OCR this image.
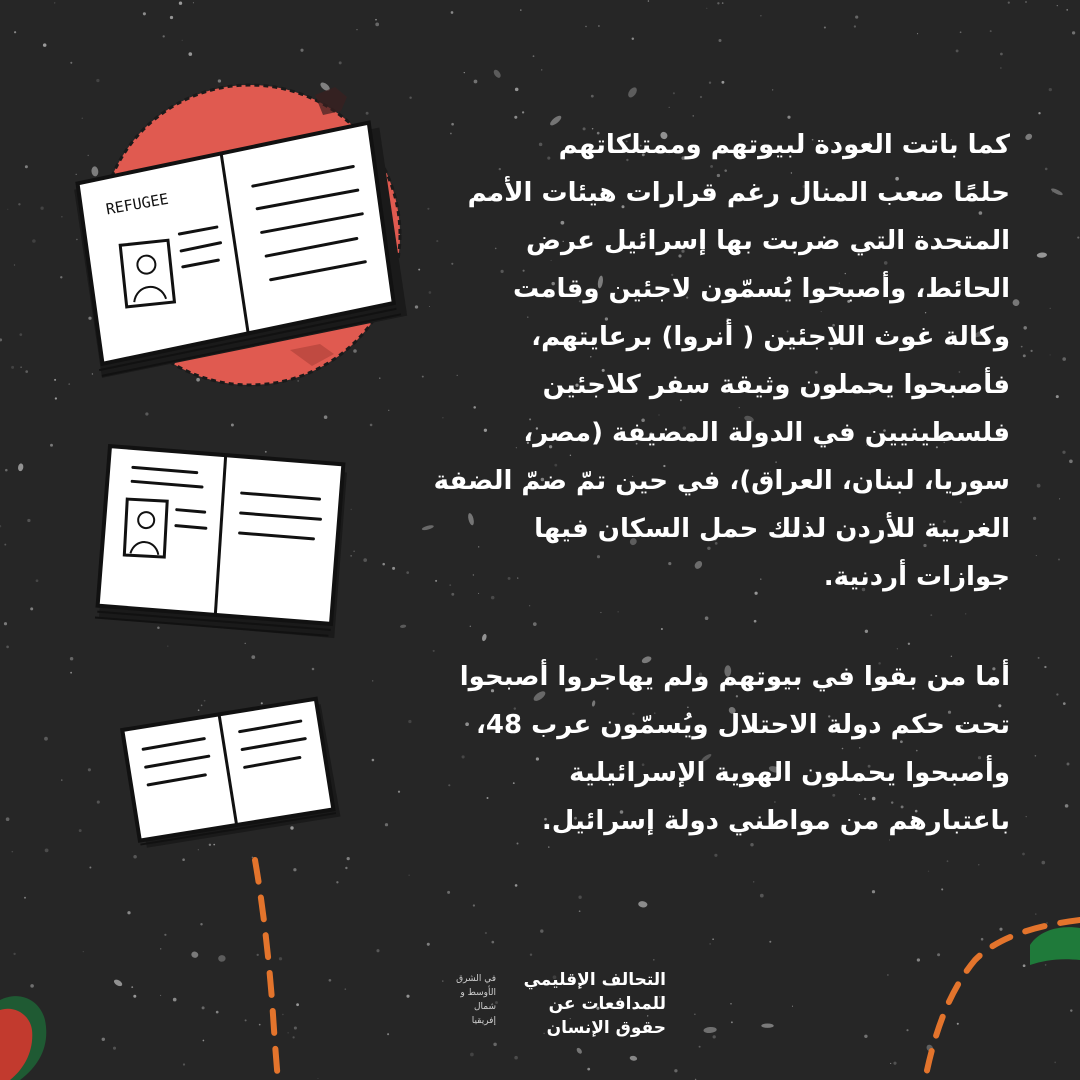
REFUGEE
كما باتت العودة لبيوتهم وممتلكاتهم
حلمًا صعب المنال رغم قرارات هيئات الأمم
المتحدة التي ضربت بها إسرائيل عرض
الحائط، وأصبحوا يُسمّون لاجئين وقامت
وكالة غوث اللاجئين ( أنروا) برعايتهم،
فأصبحوا يحملون وثيقة سفر كلاجئين
فلسطينيين في الدولة المضيفة (مصر،
سوريا، لبنان، العراق)، في حين تمّ ضمّ الضفة
الغربية للأردن لذلك حمل السكان فيها
جوازات أردنية.
أما من بقوا في بيوتهم ولم يهاجروا أصبحوا
تحت حكم دولة الاحتلال ويُسمّون عرب 48،
وأصبحوا يحملون الهوية الإسرائيلية
باعتبارهم من مواطني دولة إسرائيل.
التحالف الإقليمي
للمدافعات عن
حقوق الإنسان
في الشرق
الأوسط و
شمال
إفريقيا
